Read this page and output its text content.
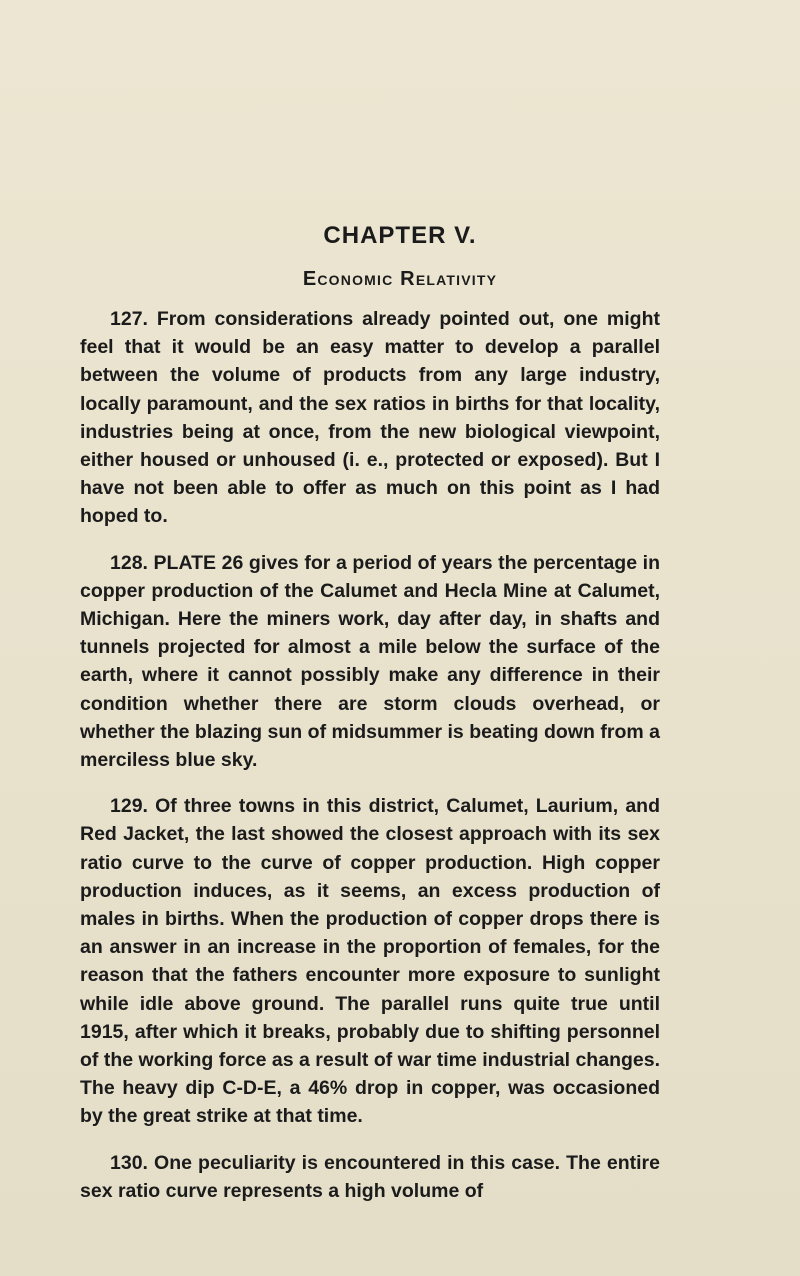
CHAPTER V.
Economic Relativity

127. From considerations already pointed out, one might feel that it would be an easy matter to develop a parallel between the volume of products from any large industry, locally paramount, and the sex ratios in births for that locality, industries being at once, from the new biological viewpoint, either housed or unhoused (i. e., protected or exposed). But I have not been able to offer as much on this point as I had hoped to.

128. PLATE 26 gives for a period of years the percentage in copper production of the Calumet and Hecla Mine at Calumet, Michigan. Here the miners work, day after day, in shafts and tunnels projected for almost a mile below the surface of the earth, where it cannot possibly make any difference in their condition whether there are storm clouds overhead, or whether the blazing sun of midsummer is beating down from a merciless blue sky.

129. Of three towns in this district, Calumet, Laurium, and Red Jacket, the last showed the closest approach with its sex ratio curve to the curve of copper production. High copper production induces, as it seems, an excess production of males in births. When the production of copper drops there is an answer in an increase in the proportion of females, for the reason that the fathers encounter more exposure to sunlight while idle above ground. The parallel runs quite true until 1915, after which it breaks, probably due to shifting personnel of the working force as a result of war time industrial changes. The heavy dip C-D-E, a 46% drop in copper, was occasioned by the great strike at that time.

130. One peculiarity is encountered in this case. The entire sex ratio curve represents a high volume of
